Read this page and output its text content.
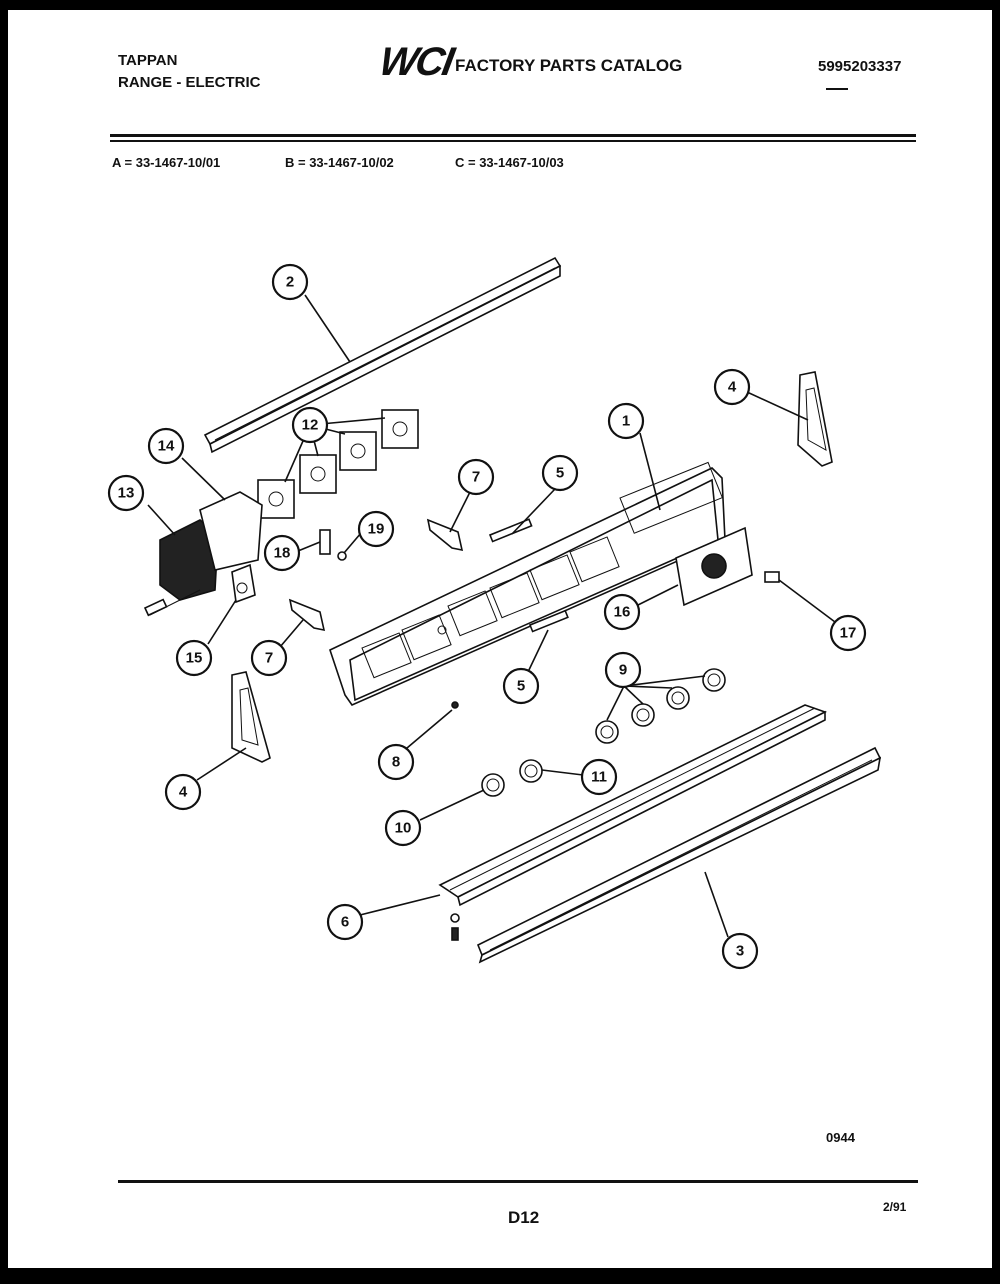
TAPPAN
RANGE - ELECTRIC	WCI FACTORY PARTS CATALOG	5995203337
A = 33-1467-10/01	B = 33-1467-10/02	C = 33-1467-10/03
0944
D12
2/91
1
2
3
4
4
5
5
6
7
7
8
9
10
11
12
13
14
15
16
17
18
19
